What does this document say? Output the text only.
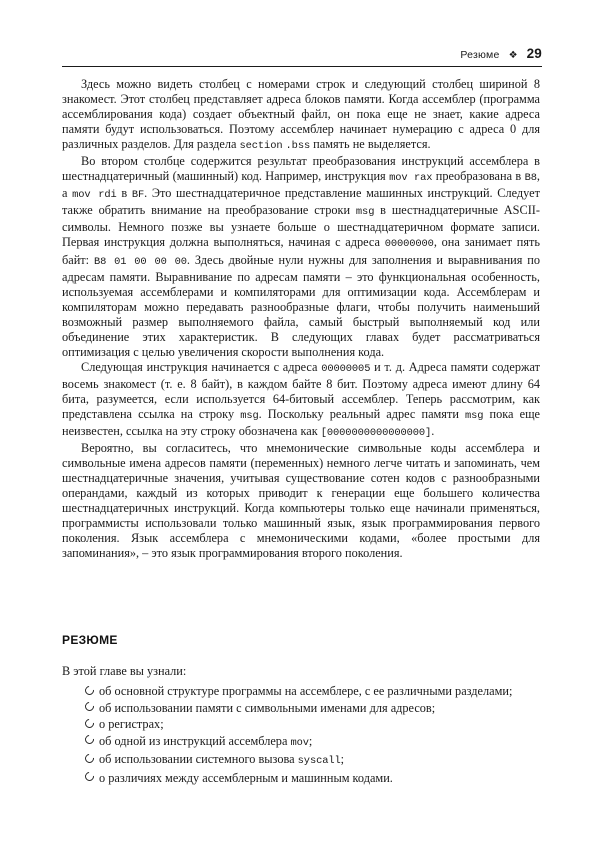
Резюме ❖ 29

Здесь можно видеть столбец с номерами строк и следующий столбец шириной 8 знакомест. Этот столбец представляет адреса блоков памяти. Когда ассемблер (программа ассемблирования кода) создает объектный файл, он пока еще не знает, какие адреса памяти будут использоваться. Поэтому ассемблер начинает нумерацию с адреса 0 для различных разделов. Для раздела section .bss память не выделяется.

Во втором столбце содержится результат преобразования инструкций ассемблера в шестнадцатеричный (машинный) код. Например, инструкция mov rax преобразована в B8, a mov rdi в BF. Это шестнадцатеричное представление машинных инструкций. Следует также обратить внимание на преобразование строки msg в шестнадцатеричные ASCII-символы. Немного позже вы узнаете больше о шестнадцатеричном формате записи. Первая инструкция должна выполняться, начиная с адреса 00000000, она занимает пять байт: B8 01 00 00 00. Здесь двойные нули нужны для заполнения и выравнивания по адресам памяти. Выравнивание по адресам памяти – это функциональная особенность, используемая ассемблерами и компиляторами для оптимизации кода. Ассемблерам и компиляторам можно передавать разнообразные флаги, чтобы получить наименьший возможный размер выполняемого файла, самый быстрый выполняемый код или объединение этих характеристик. В следующих главах будет рассматриваться оптимизация с целью увеличения скорости выполнения кода.

Следующая инструкция начинается с адреса 00000005 и т. д. Адреса памяти содержат восемь знакомест (т. е. 8 байт), в каждом байте 8 бит. Поэтому адреса имеют длину 64 бита, разумеется, если используется 64-битовый ассемблер. Теперь рассмотрим, как представлена ссылка на строку msg. Поскольку реальный адрес памяти msg пока еще неизвестен, ссылка на эту строку обозначена как [0000000000000000].

Вероятно, вы согласитесь, что мнемонические символьные коды ассемблера и символьные имена адресов памяти (переменных) немного легче читать и запоминать, чем шестнадцатеричные значения, учитывая существование сотен кодов с разнообразными операндами, каждый из которых приводит к генерации еще большего количества шестнадцатеричных инструкций. Когда компьютеры только еще начинали применяться, программисты использовали только машинный язык, язык программирования первого поколения. Язык ассемблера с мнемоническими кодами, «более простыми для запоминания», – это язык программирования второго поколения.

резюме

В этой главе вы узнали:

об основной структуре программы на ассемблере, с ее различными разделами;
об использовании памяти с символьными именами для адресов;
о регистрах;
об одной из инструкций ассемблера mov;
об использовании системного вызова syscall;
о различиях между ассемблерным и машинным кодами.
